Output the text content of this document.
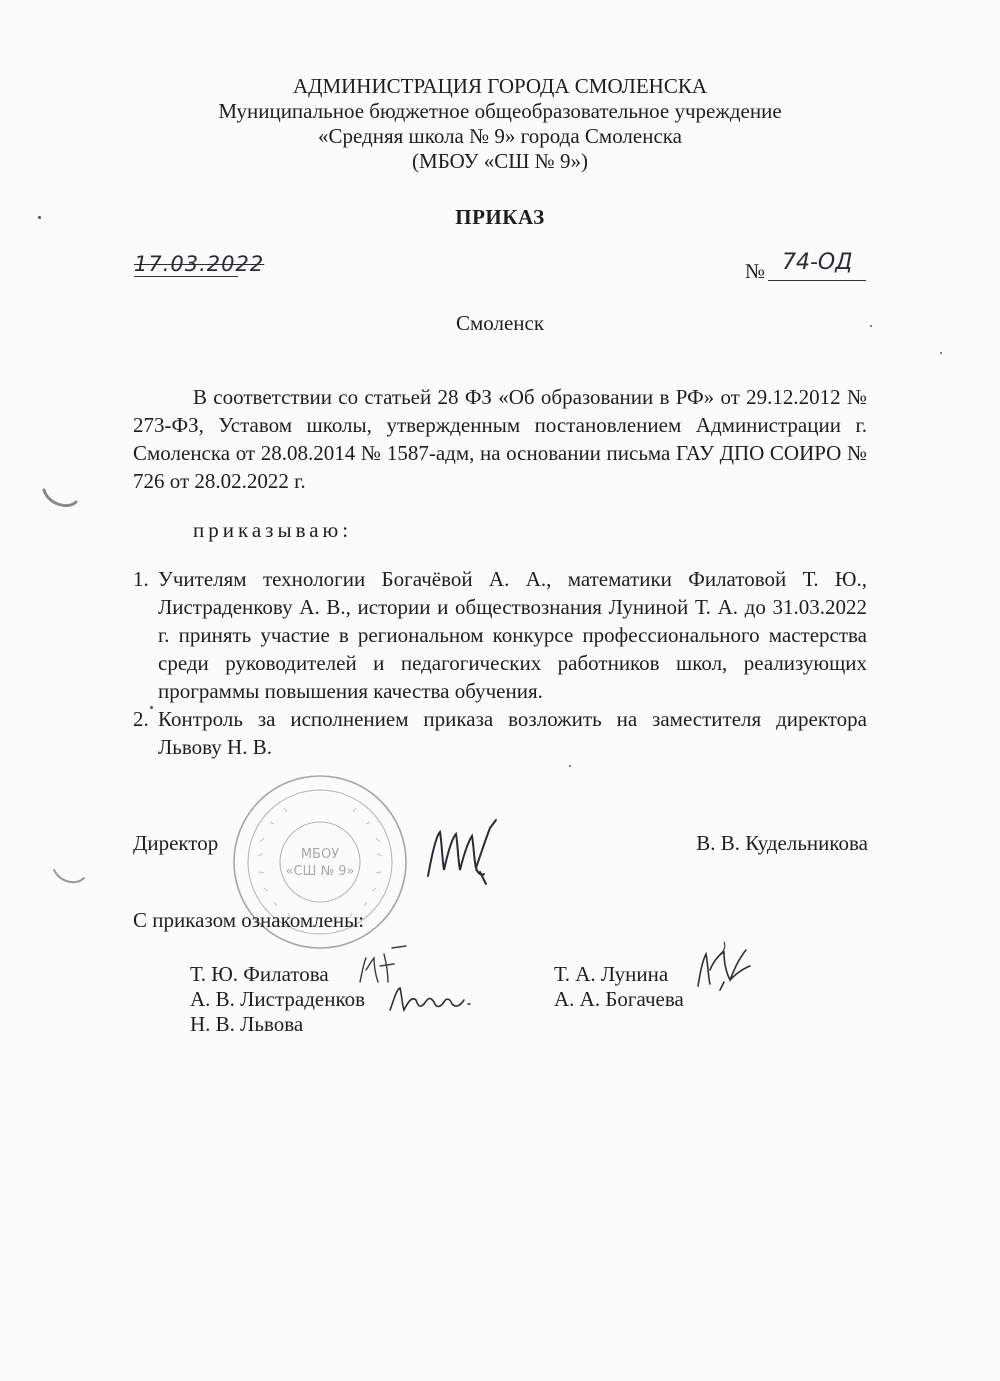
АДМИНИСТРАЦИЯ ГОРОДА СМОЛЕНСКА
Муниципальное бюджетное общеобразовательное учреждение
«Средняя школа № 9» города Смоленска
(МБОУ «СШ № 9»)
ПРИКАЗ
17.03.2022	№ 74-ОД
Смоленск

В соответствии со статьей 28 ФЗ «Об образовании в РФ» от 29.12.2012 № 273-ФЗ, Уставом школы, утвержденным постановлением Администрации г. Смоленска от 28.08.2014 № 1587-адм, на основании письма ГАУ ДПО СОИРО № 726 от 28.02.2022 г.

приказываю:
1. Учителям технологии Богачёвой А. А., математики Филатовой Т. Ю., Листраденкову А. В., истории и обществознания Луниной Т. А. до 31.03.2022 г. принять участие в региональном конкурсе профессионального мастерства среди руководителей и педагогических работников школ, реализующих программы повышения качества обучения.
2. Контроль за исполнением приказа возложить на заместителя директора Львову Н. В.
МБОУ
«СШ № 9»
Директор	В. В. Кудельникова
С приказом ознакомлены:
Т. Ю. Филатова
А. В. Листраденков
Н. В. Львова
Т. А. Лунина
А. А. Богачева
